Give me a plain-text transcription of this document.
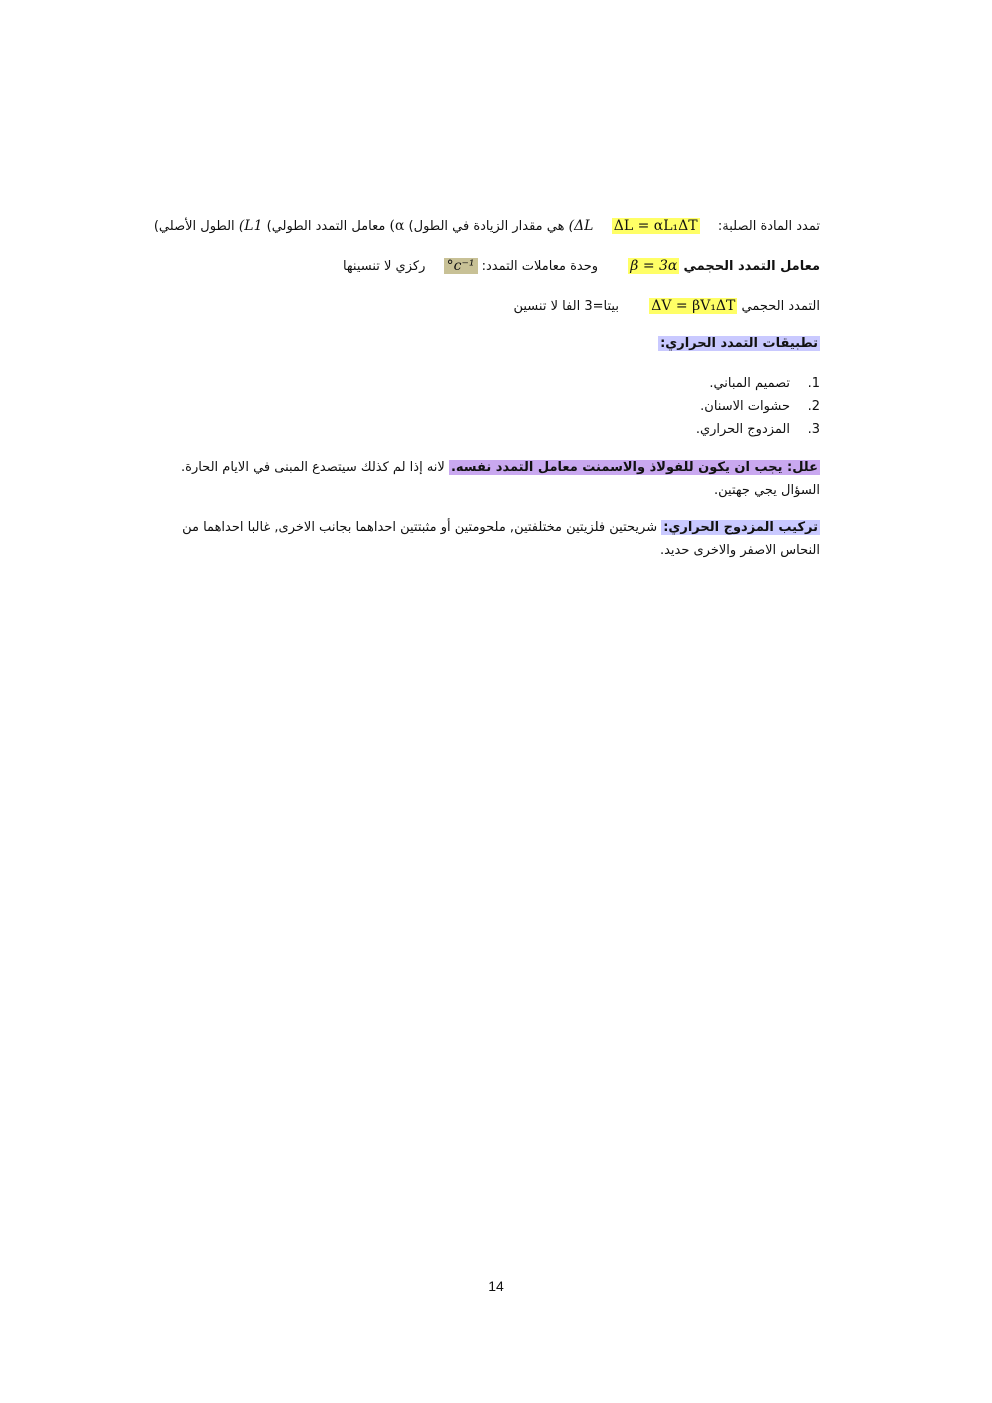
تمدد المادة الصلبة:  ΔL = αL₁ΔT  (ΔL هي مقدار الزيادة في الطول) (α معامل التمدد الطولي) (L1 الطول الأصلي)
معامل التمدد الحجمي β = 3α  وحدة معاملات التمدد: °c⁻¹  ركزي لا تنسينها
التمدد الحجمي ΔV = βV₁ΔT  بيتا=3 الفا لا تنسين
تطبيقات التمدد الحراري:
1.تصميم المباني.
2.حشوات الاسنان.
3.المزدوج الحراري.
علل: يجب ان يكون للفولاذ والاسمنت معامل التمدد نفسه. لانه إذا لم كذلك سيتصدع المبنى في الايام الحارة. السؤال يجي جهتين.
تركيب المزدوج الحراري: شريحتين فلزيتين مختلفتين, ملحومتين أو مثبتتين احداهما بجانب الاخرى, غالبا احداهما من النحاس الاصفر والاخرى حديد.
14
